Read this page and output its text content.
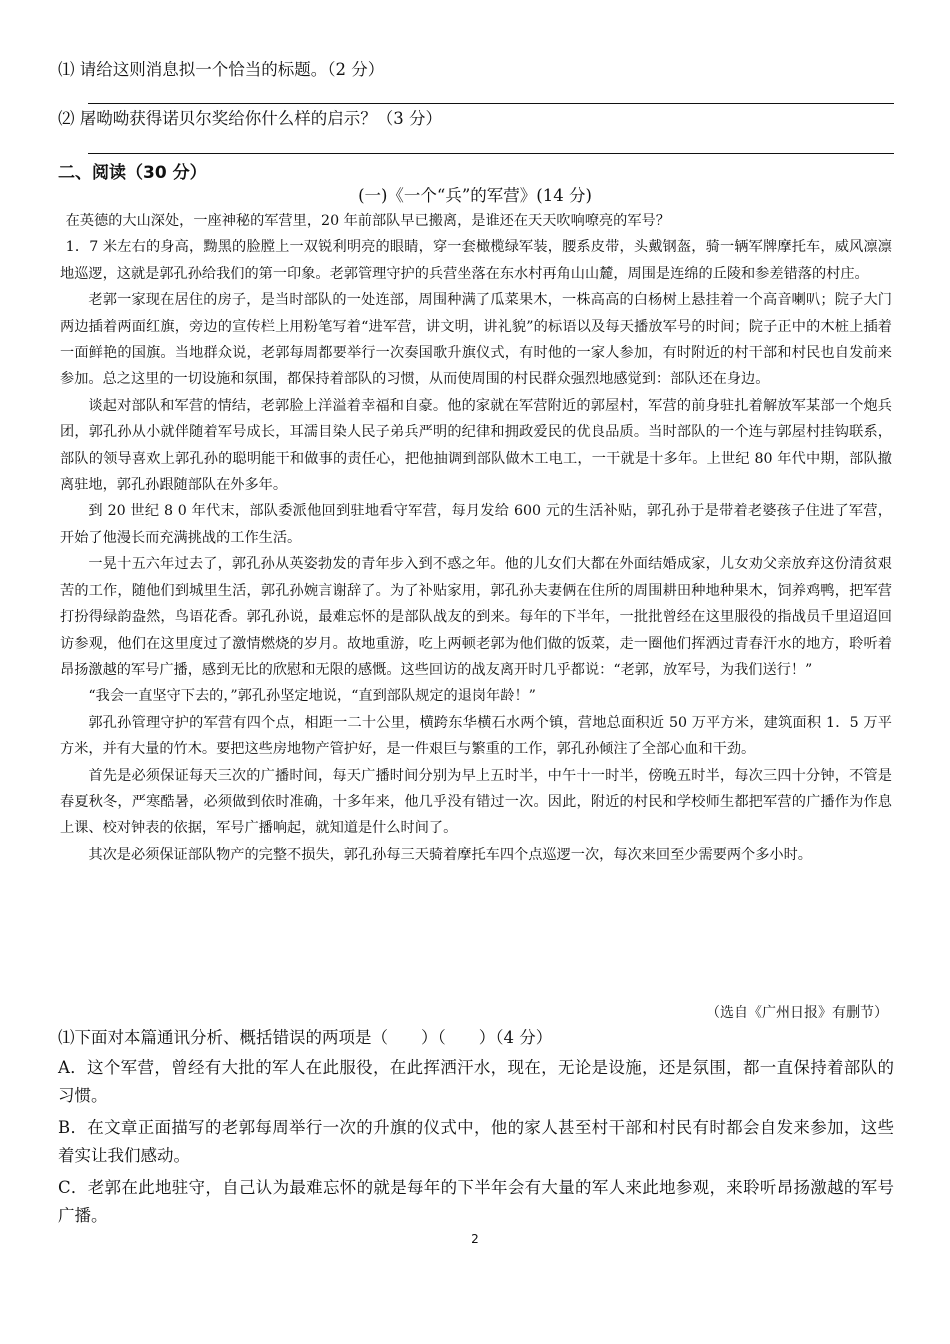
⑴ 请给这则消息拟一个恰当的标题。（2 分）
⑵ 屠呦呦获得诺贝尔奖给你什么样的启示？（3 分）
二、阅读（30 分）
(一)《一个“兵”的军营》(14 分)

在英德的大山深处，一座神秘的军营里，20 年前部队早已搬离，是谁还在天天吹响嘹亮的军号？

1．7 米左右的身高，黝黑的脸膛上一双锐利明亮的眼睛，穿一套橄榄绿军装，腰系皮带，头戴钢盔，骑一辆军牌摩托车，威风凛凛地巡逻，这就是郭孔孙给我们的第一印象。老郭管理守护的兵营坐落在东水村再角山山麓，周围是连绵的丘陵和参差错落的村庄。

老郭一家现在居住的房子，是当时部队的一处连部，周围种满了瓜菜果木，一株高高的白杨树上悬挂着一个高音喇叭；院子大门两边插着两面红旗，旁边的宣传栏上用粉笔写着“进军营，讲文明，讲礼貌”的标语以及每天播放军号的时间；院子正中的木桩上插着一面鲜艳的国旗。当地群众说，老郭每周都要举行一次奏国歌升旗仪式，有时他的一家人参加，有时附近的村干部和村民也自发前来参加。总之这里的一切设施和氛围，都保持着部队的习惯，从而使周围的村民群众强烈地感觉到：部队还在身边。

谈起对部队和军营的情结，老郭脸上洋溢着幸福和自豪。他的家就在军营附近的郭屋村，军营的前身驻扎着解放军某部一个炮兵团，郭孔孙从小就伴随着军号成长，耳濡目染人民子弟兵严明的纪律和拥政爱民的优良品质。当时部队的一个连与郭屋村挂钩联系，部队的领导喜欢上郭孔孙的聪明能干和做事的责任心，把他抽调到部队做木工电工，一干就是十多年。上世纪 80 年代中期，部队撤离驻地，郭孔孙跟随部队在外多年。

到 20 世纪 8 0 年代末，部队委派他回到驻地看守军营，每月发给 600 元的生活补贴，郭孔孙于是带着老婆孩子住进了军营，开始了他漫长而充满挑战的工作生活。

一晃十五六年过去了，郭孔孙从英姿勃发的青年步入到不惑之年。他的儿女们大都在外面结婚成家，儿女劝父亲放弃这份清贫艰苦的工作，随他们到城里生活，郭孔孙婉言谢辞了。为了补贴家用，郭孔孙夫妻俩在住所的周围耕田种地种果木，饲养鸡鸭，把军营打扮得绿韵盎然，鸟语花香。郭孔孙说，最难忘怀的是部队战友的到来。每年的下半年，一批批曾经在这里服役的指战员千里迢迢回访参观，他们在这里度过了激情燃烧的岁月。故地重游，吃上两顿老郭为他们做的饭菜，走一圈他们挥洒过青春汗水的地方，聆听着昂扬激越的军号广播，感到无比的欣慰和无限的感慨。这些回访的战友离开时几乎都说：“老郭，放军号，为我们送行！”

“我会一直坚守下去的，”郭孔孙坚定地说，“直到部队规定的退岗年龄！”

郭孔孙管理守护的军营有四个点，相距一二十公里，横跨东华横石水两个镇，营地总面积近 50 万平方米，建筑面积 1．5 万平方米，并有大量的竹木。要把这些房地物产管护好，是一件艰巨与繁重的工作，郭孔孙倾注了全部心血和干劲。

首先是必须保证每天三次的广播时间，每天广播时间分别为早上五时半，中午十一时半，傍晚五时半，每次三四十分钟，不管是春夏秋冬，严寒酷暑，必须做到依时准确，十多年来，他几乎没有错过一次。因此，附近的村民和学校师生都把军营的广播作为作息上课、校对钟表的依据，军号广播响起，就知道是什么时间了。

其次是必须保证部队物产的完整不损失，郭孔孙每三天骑着摩托车四个点巡逻一次，每次来回至少需要两个多小时。

（选自《广州日报》有删节）
⑴下面对本篇通讯分析、概括错误的两项是（　　）（　　）（4 分）

A．这个军营，曾经有大批的军人在此服役，在此挥洒汗水，现在，无论是设施，还是氛围，都一直保持着部队的习惯。

B．在文章正面描写的老郭每周举行一次的升旗的仪式中，他的家人甚至村干部和村民有时都会自发来参加，这些着实让我们感动。

C．老郭在此地驻守，自己认为最难忘怀的就是每年的下半年会有大量的军人来此地参观，来聆听昂扬激越的军号广播。

2
